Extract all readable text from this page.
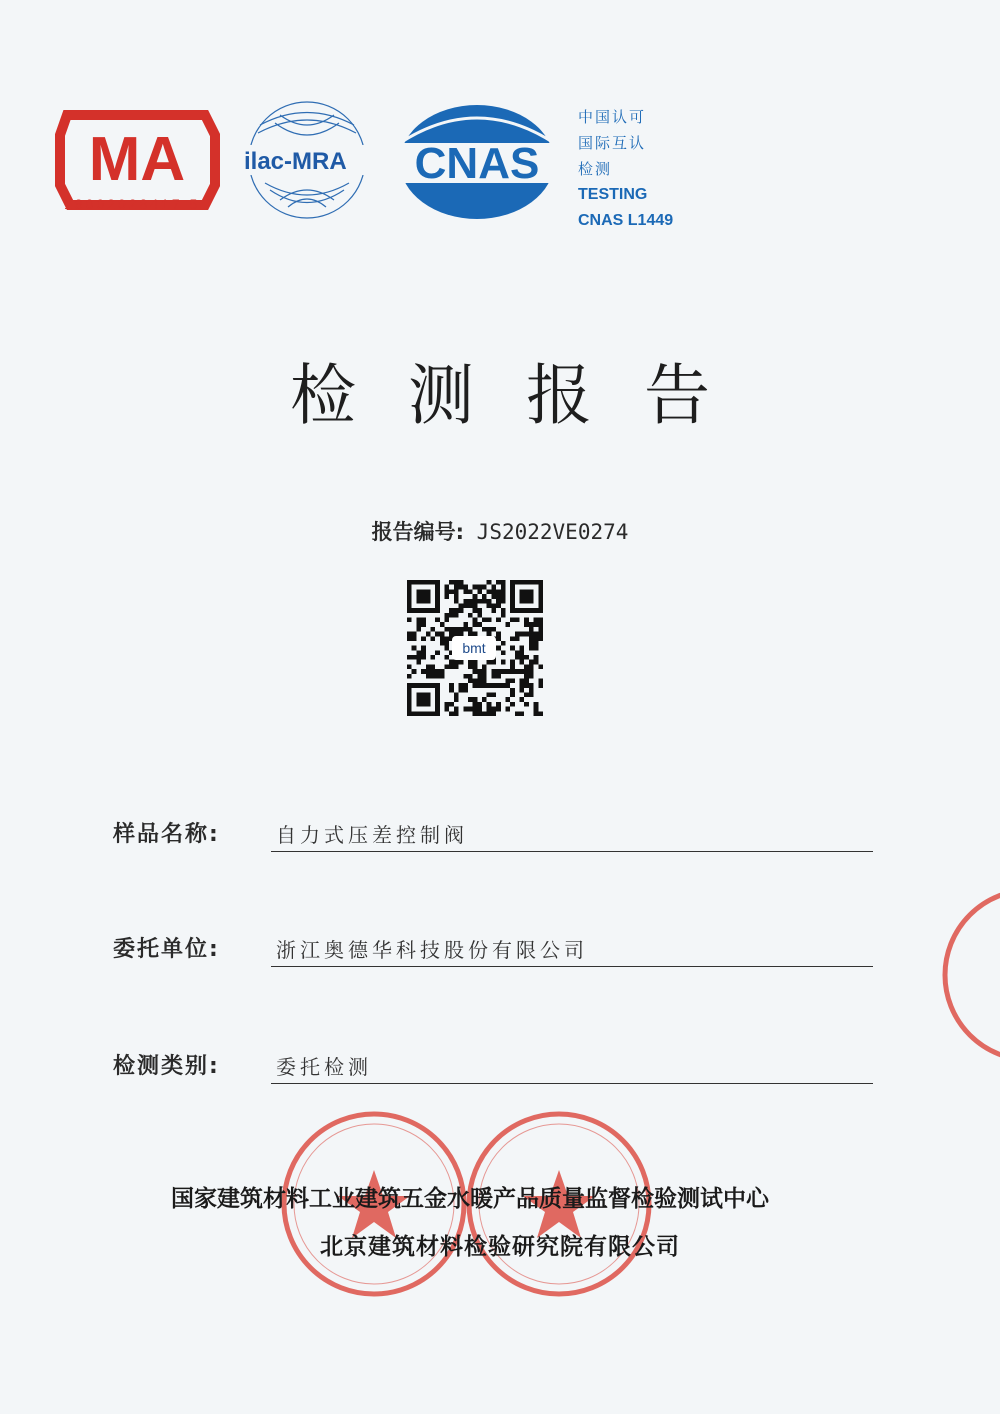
MA
18002028417 5
ilac-MRA CNAS
中国认可
国际互认
检测
TESTING
CNAS L1449
检测报告
报告编号: JS2022VE0274
bmt
样品名称:	自力式压差控制阀
委托单位:	浙江奥德华科技股份有限公司
检测类别:	委托检测
国家建筑材料工业建筑五金水暖产品质量监督检验测试中心
北京建筑材料检验研究院有限公司
